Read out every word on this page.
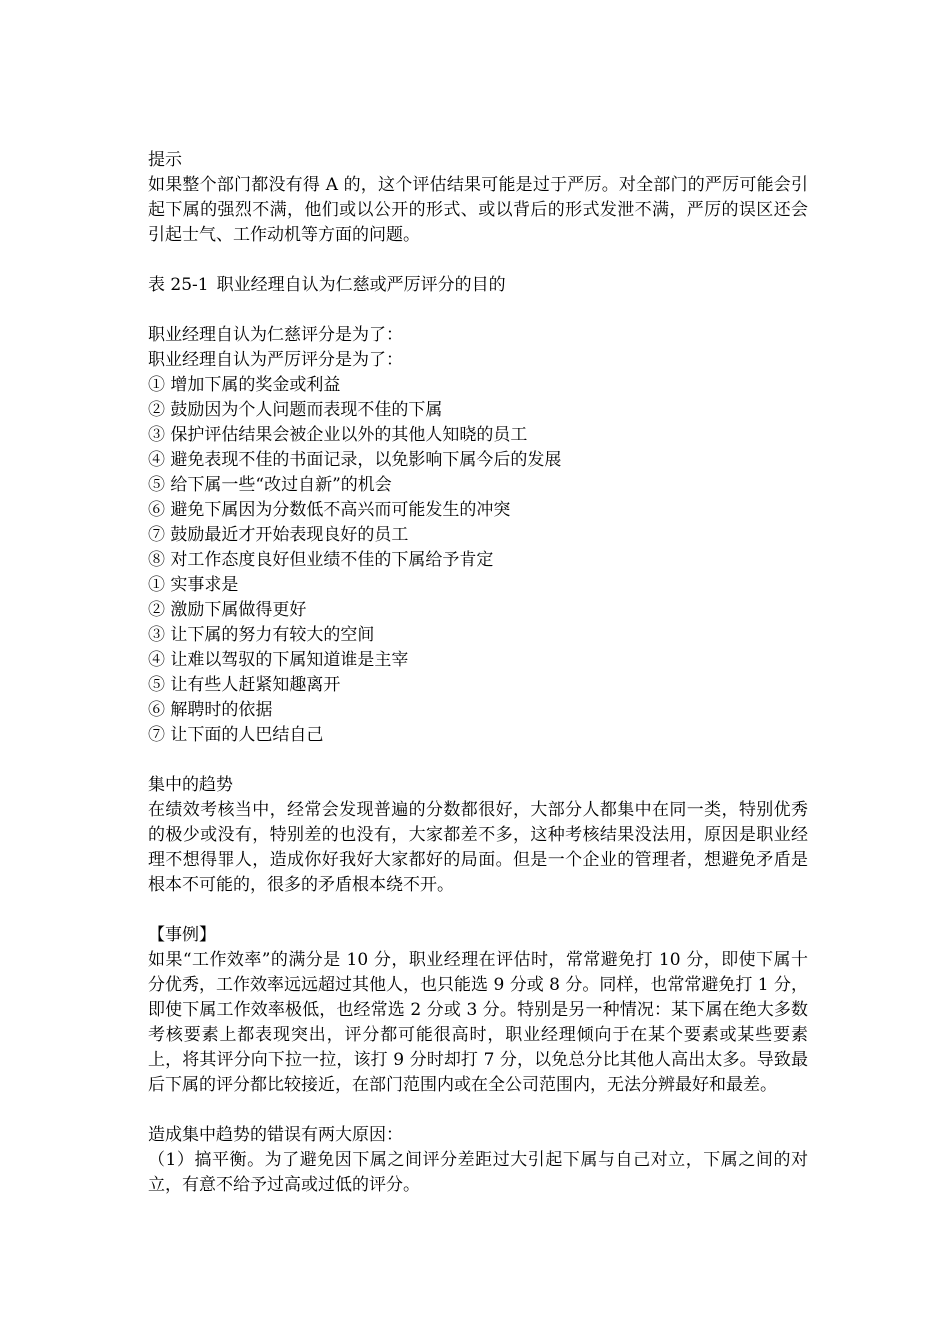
提示
如果整个部门都没有得 A 的，这个评估结果可能是过于严厉。对全部门的严厉可能会引起下属的强烈不满，他们或以公开的形式、或以背后的形式发泄不满，严厉的误区还会引起士气、工作动机等方面的问题。
表 25-1 职业经理自认为仁慈或严厉评分的目的
职业经理自认为仁慈评分是为了：
职业经理自认为严厉评分是为了：
① 增加下属的奖金或利益
② 鼓励因为个人问题而表现不佳的下属
③ 保护评估结果会被企业以外的其他人知晓的员工
④ 避免表现不佳的书面记录，以免影响下属今后的发展
⑤ 给下属一些“改过自新”的机会
⑥ 避免下属因为分数低不高兴而可能发生的冲突
⑦ 鼓励最近才开始表现良好的员工
⑧ 对工作态度良好但业绩不佳的下属给予肯定
① 实事求是
② 激励下属做得更好
③ 让下属的努力有较大的空间
④ 让难以驾驭的下属知道谁是主宰
⑤ 让有些人赶紧知趣离开
⑥ 解聘时的依据
⑦ 让下面的人巴结自己
集中的趋势
在绩效考核当中，经常会发现普遍的分数都很好，大部分人都集中在同一类，特别优秀的极少或没有，特别差的也没有，大家都差不多，这种考核结果没法用，原因是职业经理不想得罪人，造成你好我好大家都好的局面。但是一个企业的管理者，想避免矛盾是根本不可能的，很多的矛盾根本绕不开。
【事例】
如果“工作效率”的满分是 10 分，职业经理在评估时，常常避免打 10 分，即使下属十分优秀，工作效率远远超过其他人，也只能选 9 分或 8 分。同样，也常常避免打 1 分，即使下属工作效率极低，也经常选 2 分或 3 分。特别是另一种情况：某下属在绝大多数考核要素上都表现突出，评分都可能很高时，职业经理倾向于在某个要素或某些要素上，将其评分向下拉一拉，该打 9 分时却打 7 分，以免总分比其他人高出太多。导致最后下属的评分都比较接近，在部门范围内或在全公司范围内，无法分辨最好和最差。
造成集中趋势的错误有两大原因：
（1）搞平衡。为了避免因下属之间评分差距过大引起下属与自己对立，下属之间的对立，有意不给予过高或过低的评分。
